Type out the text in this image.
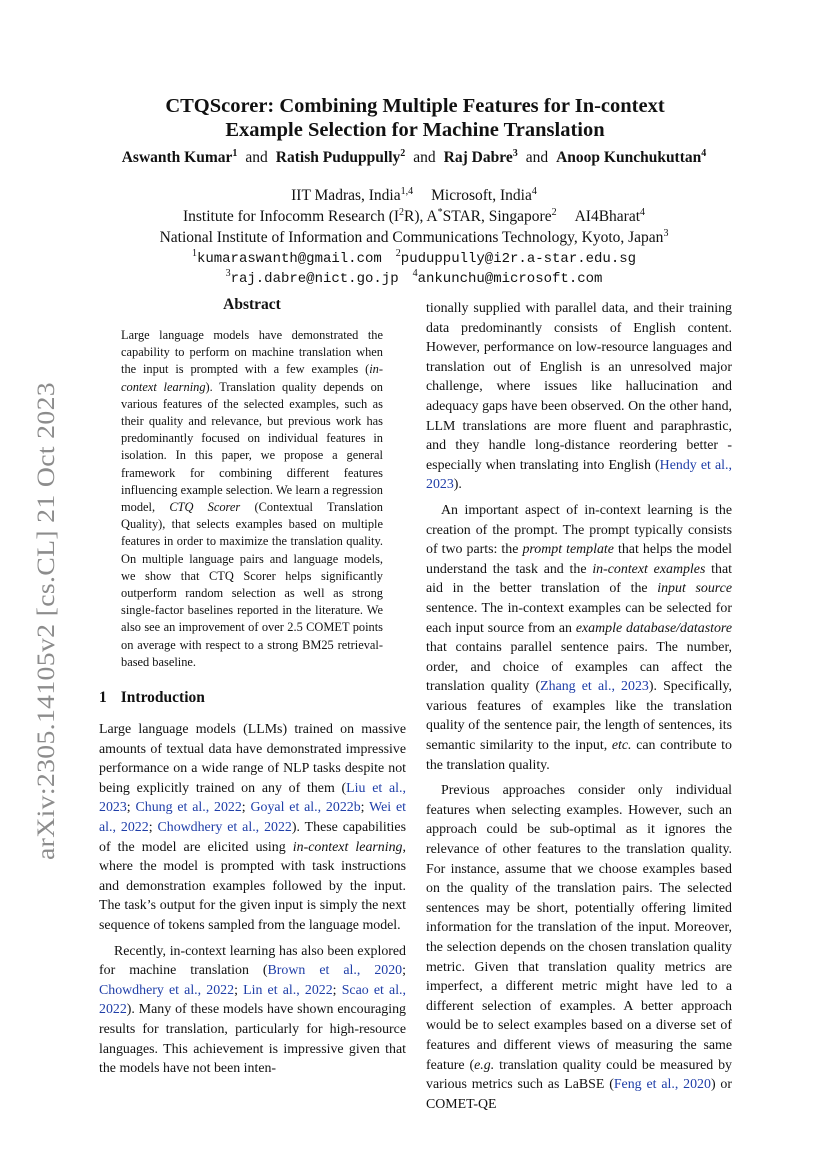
arXiv:2305.14105v2 [cs.CL] 21 Oct 2023
CTQScorer: Combining Multiple Features for In-context
Example Selection for Machine Translation
Aswanth Kumar$^1$ and Ratish Puduppully$^2$ and Raj Dabre$^3$ and Anoop Kunchukuttan$^4$
IIT Madras, India$^{1,4}$ Microsoft, India$^4$
Institute for Infocomm Research $(I^2R)$, A*STAR, Singapore$^2$ AI4Bharat$^4$
National Institute of Information and Communications Technology, Kyoto, Japan$^3$
$^1$kumaraswanth@gmail.com $^2$puduppully@i2r.a-star.edu.sg
$^3$raj.dabre@nict.go.jp $^4$ankunchu@microsoft.com
Abstract
Large language models have demonstrated the capability to perform on machine translation when the input is prompted with a few examples (in-context learning). Translation quality depends on various features of the selected examples, such as their quality and relevance, but previous work has predominantly focused on individual features in isolation. In this paper, we propose a general framework for combining different features influencing example selection. We learn a regression model, CTQ Scorer (Contextual Translation Quality), that selects examples based on multiple features in order to maximize the translation quality. On multiple language pairs and language models, we show that CTQ Scorer helps significantly outperform random selection as well as strong single-factor baselines reported in the literature. We also see an improvement of over 2.5 COMET points on average with respect to a strong BM25 retrieval-based baseline.
1 Introduction

Large language models (LLMs) trained on massive amounts of textual data have demonstrated impressive performance on a wide range of NLP tasks despite not being explicitly trained on any of them (Liu et al., 2023; Chung et al., 2022; Goyal et al., 2022b; Wei et al., 2022; Chowdhery et al., 2022). These capabilities of the model are elicited using in-context learning, where the model is prompted with task instructions and demonstration examples followed by the input. The task’s output for the given input is simply the next sequence of tokens sampled from the language model.

Recently, in-context learning has also been explored for machine translation (Brown et al., 2020; Chowdhery et al., 2022; Lin et al., 2022; Scao et al., 2022). Many of these models have shown encouraging results for translation, particularly for high-resource languages. This achievement is impressive given that the models have not been inten-

tionally supplied with parallel data, and their training data predominantly consists of English content. However, performance on low-resource languages and translation out of English is an unresolved major challenge, where issues like hallucination and adequacy gaps have been observed. On the other hand, LLM translations are more fluent and paraphrastic, and they handle long-distance reordering better - especially when translating into English (Hendy et al., 2023).

An important aspect of in-context learning is the creation of the prompt. The prompt typically consists of two parts: the prompt template that helps the model understand the task and the in-context examples that aid in the better translation of the input source sentence. The in-context examples can be selected for each input source from an example database/datastore that contains parallel sentence pairs. The number, order, and choice of examples can affect the translation quality (Zhang et al., 2023). Specifically, various features of examples like the translation quality of the sentence pair, the length of sentences, its semantic similarity to the input, etc. can contribute to the translation quality.

Previous approaches consider only individual features when selecting examples. However, such an approach could be sub-optimal as it ignores the relevance of other features to the translation quality. For instance, assume that we choose examples based on the quality of the translation pairs. The selected sentences may be short, potentially offering limited information for the translation of the input. Moreover, the selection depends on the chosen translation quality metric. Given that translation quality metrics are imperfect, a different metric might have led to a different selection of examples. A better approach would be to select examples based on a diverse set of features and different views of measuring the same feature (e.g. translation quality could be measured by various metrics such as LaBSE (Feng et al., 2020) or COMET-QE
